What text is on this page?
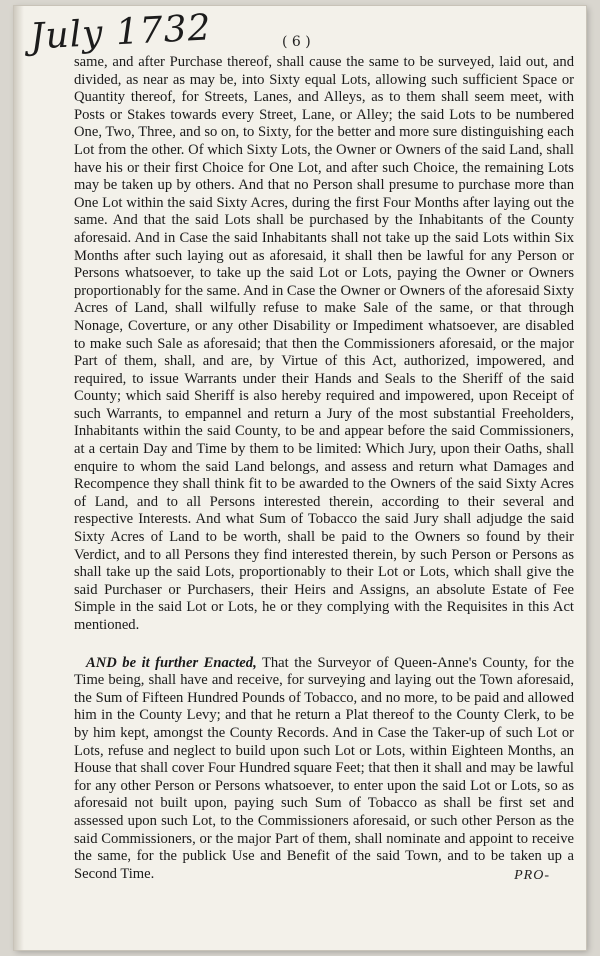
July 1732	( 6 )

same, and after Purchase thereof, shall cause the same to be surveyed, laid out, and divided, as near as may be, into Sixty equal Lots, allowing such sufficient Space or Quantity thereof, for Streets, Lanes, and Alleys, as to them shall seem meet, with Posts or Stakes towards every Street, Lane, or Alley; the said Lots to be numbered One, Two, Three, and so on, to Sixty, for the better and more sure distinguishing each Lot from the other. Of which Sixty Lots, the Owner or Owners of the said Land, shall have his or their first Choice for One Lot, and after such Choice, the remaining Lots may be taken up by others. And that no Person shall presume to purchase more than One Lot within the said Sixty Acres, during the first Four Months after laying out the same. And that the said Lots shall be purchased by the Inhabitants of the County aforesaid. And in Case the said Inhabitants shall not take up the said Lots within Six Months after such laying out as aforesaid, it shall then be lawful for any Person or Persons whatsoever, to take up the said Lot or Lots, paying the Owner or Owners proportionably for the same. And in Case the Owner or Owners of the aforesaid Sixty Acres of Land, shall wilfully refuse to make Sale of the same, or that through Nonage, Coverture, or any other Disability or Impediment whatsoever, are disabled to make such Sale as aforesaid; that then the Commissioners aforesaid, or the major Part of them, shall, and are, by Virtue of this Act, authorized, impowered, and required, to issue Warrants under their Hands and Seals to the Sheriff of the said County; which said Sheriff is also hereby required and impowered, upon Receipt of such Warrants, to empannel and return a Jury of the most substantial Freeholders, Inhabitants within the said County, to be and appear before the said Commissioners, at a certain Day and Time by them to be limited: Which Jury, upon their Oaths, shall enquire to whom the said Land belongs, and assess and return what Damages and Recompence they shall think fit to be awarded to the Owners of the said Sixty Acres of Land, and to all Persons interested therein, according to their several and respective Interests. And what Sum of Tobacco the said Jury shall adjudge the said Sixty Acres of Land to be worth, shall be paid to the Owners so found by their Verdict, and to all Persons they find interested therein, by such Person or Persons as shall take up the said Lots, proportionably to their Lot or Lots, which shall give the said Purchaser or Purchasers, their Heirs and Assigns, an absolute Estate of Fee Simple in the said Lot or Lots, he or they complying with the Requisites in this Act mentioned.

AND be it further Enacted, That the Surveyor of Queen-Anne's County, for the Time being, shall have and receive, for surveying and laying out the Town aforesaid, the Sum of Fifteen Hundred Pounds of Tobacco, and no more, to be paid and allowed him in the County Levy; and that he return a Plat thereof to the County Clerk, to be by him kept, amongst the County Records. And in Case the Taker-up of such Lot or Lots, refuse and neglect to build upon such Lot or Lots, within Eighteen Months, an House that shall cover Four Hundred square Feet; that then it shall and may be lawful for any other Person or Persons whatsoever, to enter upon the said Lot or Lots, so as aforesaid not built upon, paying such Sum of Tobacco as shall be first set and assessed upon such Lot, to the Commissioners aforesaid, or such other Person as the said Commissioners, or the major Part of them, shall nominate and appoint to receive the same, for the publick Use and Benefit of the said Town, and to be taken up a Second Time.	PRO-
